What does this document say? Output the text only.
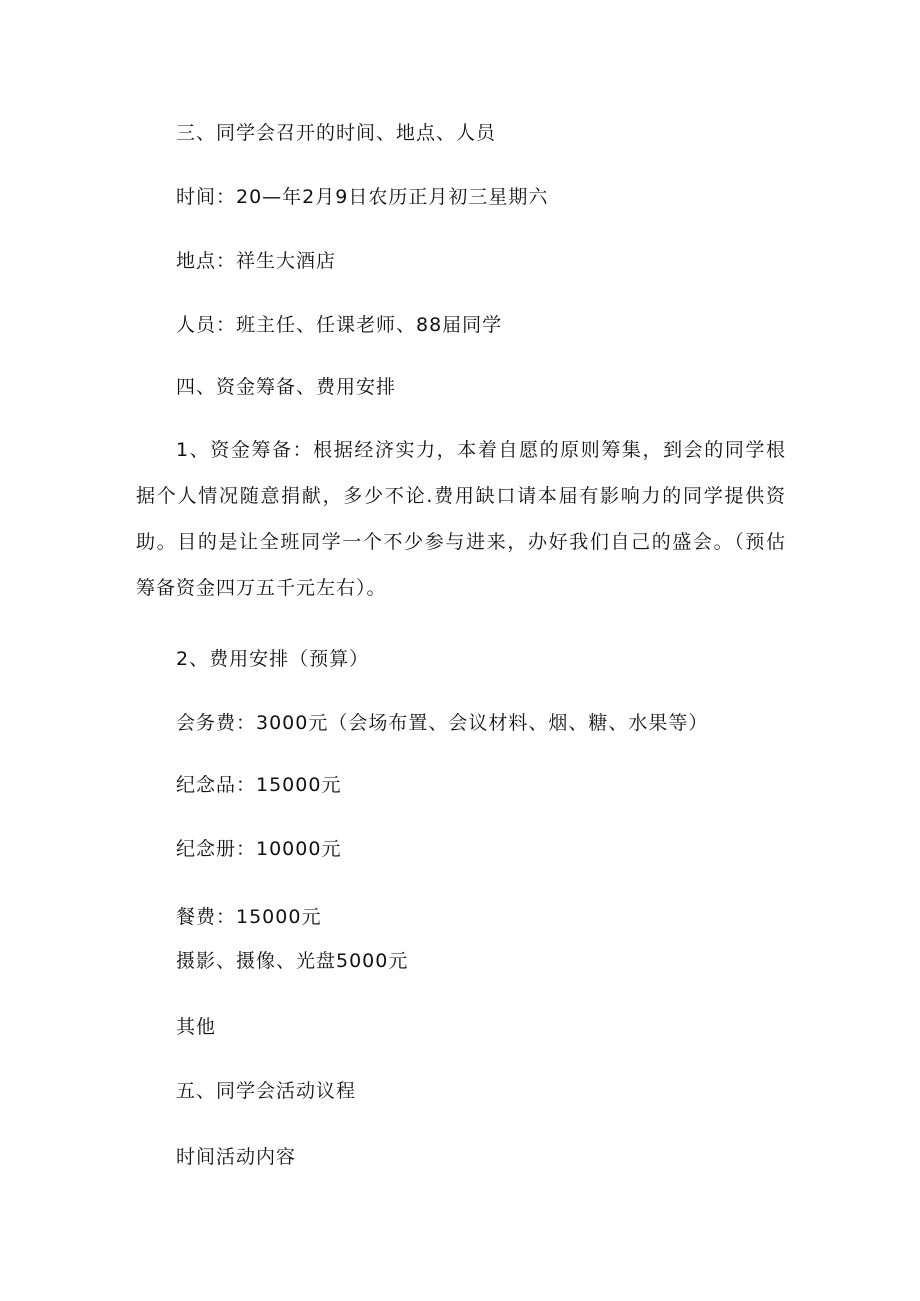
三、同学会召开的时间、地点、人员
时间：20—年2月9日农历正月初三星期六
地点：祥生大酒店
人员：班主任、任课老师、88届同学
四、资金筹备、费用安排
1、资金筹备：根据经济实力，本着自愿的原则筹集，到会的同学根据个人情况随意捐献，多少不论.费用缺口请本届有影响力的同学提供资助。目的是让全班同学一个不少参与进来，办好我们自己的盛会。（预估筹备资金四万五千元左右）。
2、费用安排（预算）
会务费：3000元（会场布置、会议材料、烟、糖、水果等）
纪念品：15000元
纪念册：10000元
餐费：15000元
摄影、摄像、光盘5000元
其他
五、同学会活动议程
时间活动内容
